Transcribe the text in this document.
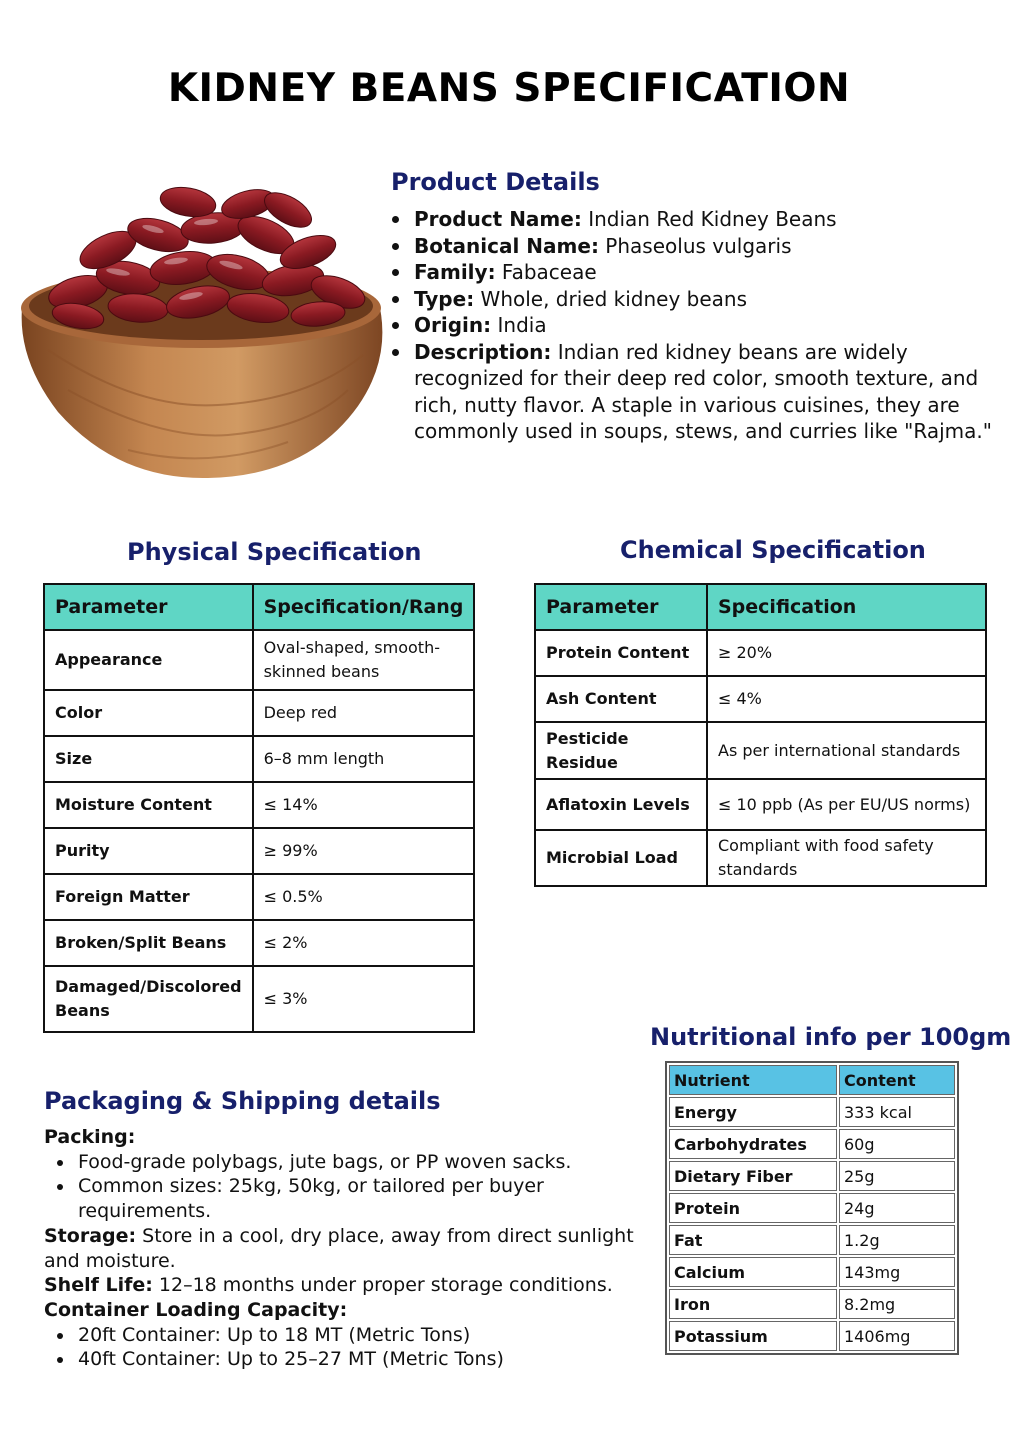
KIDNEY BEANS SPECIFICATION
Product Details
Product Name: Indian Red Kidney Beans
Botanical Name: Phaseolus vulgaris
Family: Fabaceae
Type: Whole, dried kidney beans
Origin: India
Description: Indian red kidney beans are widely recognized for their deep red color, smooth texture, and rich, nutty flavor. A staple in various cuisines, they are commonly used in soups, stews, and curries like "Rajma."
Physical Specification
Parameter	Specification/Rang
Appearance	Oval-shaped, smooth-skinned beans
Color	Deep red
Size	6–8 mm length
Moisture Content	≤ 14%
Purity	≥ 99%
Foreign Matter	≤ 0.5%
Broken/Split Beans	≤ 2%
Damaged/Discolored Beans	≤ 3%
Chemical Specification
Parameter	Specification
Protein Content	≥ 20%
Ash Content	≤ 4%
Pesticide Residue	As per international standards
Aflatoxin Levels	≤ 10 ppb (As per EU/US norms)
Microbial Load	Compliant with food safety standards
Nutritional info per 100gm
Nutrient	Content
Energy	333 kcal
Carbohydrates	60g
Dietary Fiber	25g
Protein	24g
Fat	1.2g
Calcium	143mg
Iron	8.2mg
Potassium	1406mg
Packaging & Shipping details
Packing:
Food-grade polybags, jute bags, or PP woven sacks.
Common sizes: 25kg, 50kg, or tailored per buyer requirements.
Storage: Store in a cool, dry place, away from direct sunlight and moisture.
Shelf Life: 12–18 months under proper storage conditions.
Container Loading Capacity:
20ft Container: Up to 18 MT (Metric Tons)
40ft Container: Up to 25–27 MT (Metric Tons)
